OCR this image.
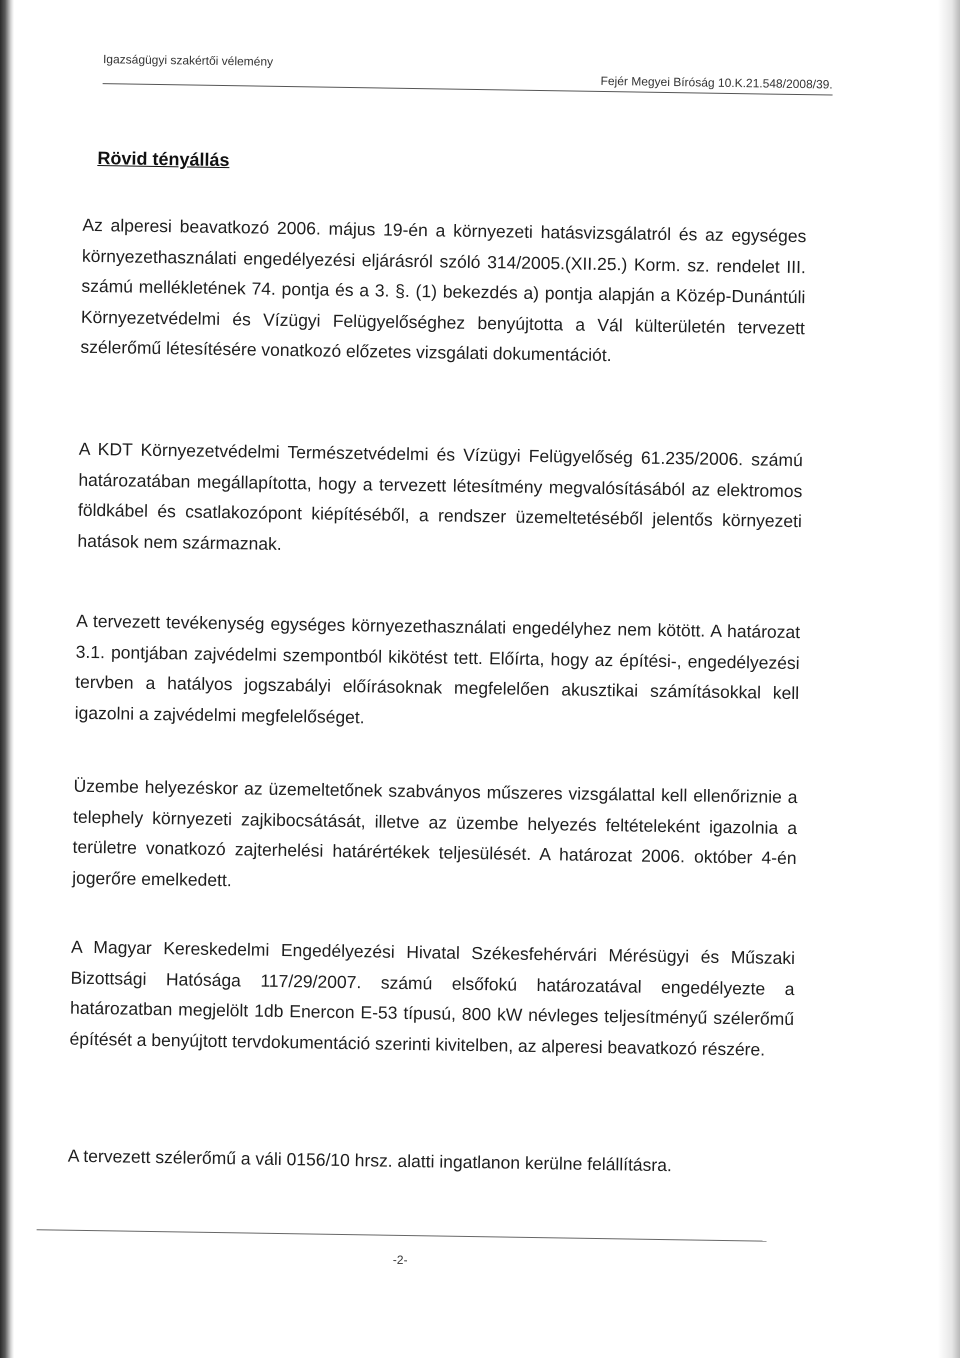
Igazságügyi szakértői vélemény
Fejér Megyei Bíróság 10.K.21.548/2008/39.
Rövid tényállás
Az alperesi beavatkozó 2006. május 19-én a környezeti hatásvizsgálatról és az egységes környezethasználati engedélyezési eljárásról szóló 314/2005.(XII.25.) Korm. sz. rendelet III. számú mellékletének 74. pontja és a 3. §. (1) bekezdés a) pontja alapján a Közép-Dunántúli Környezetvédelmi és Vízügyi Felügyelőséghez benyújtotta a Vál külterületén tervezett szélerőmű létesítésére vonatkozó előzetes vizsgálati dokumentációt.
A KDT Környezetvédelmi Természetvédelmi és Vízügyi Felügyelőség 61.235/2006. számú határozatában megállapította, hogy a tervezett létesítmény megvalósításából az elektromos földkábel és csatlakozópont kiépítéséből, a rendszer üzemeltetéséből jelentős környezeti hatások nem származnak.
A tervezett tevékenység egységes környezethasználati engedélyhez nem kötött. A határozat 3.1. pontjában zajvédelmi szempontból kikötést tett. Előírta, hogy az építési-, engedélyezési tervben a hatályos jogszabályi előírásoknak megfelelően akusztikai számításokkal kell igazolni a zajvédelmi megfelelőséget.
Üzembe helyezéskor az üzemeltetőnek szabványos műszeres vizsgálattal kell ellenőriznie a telephely környezeti zajkibocsátását, illetve az üzembe helyezés feltételeként igazolnia a területre vonatkozó zajterhelési határértékek teljesülését. A határozat 2006. október 4-én jogerőre emelkedett.
A Magyar Kereskedelmi Engedélyezési Hivatal Székesfehérvári Mérésügyi és Műszaki Bizottsági Hatósága 117/29/2007. számú elsőfokú határozatával engedélyezte a határozatban megjelölt 1db Enercon E-53 típusú, 800 kW névleges teljesítményű szélerőmű építését a benyújtott tervdokumentáció szerinti kivitelben, az alperesi beavatkozó részére.
A tervezett szélerőmű a váli 0156/10 hrsz. alatti ingatlanon kerülne felállításra.
-2-
